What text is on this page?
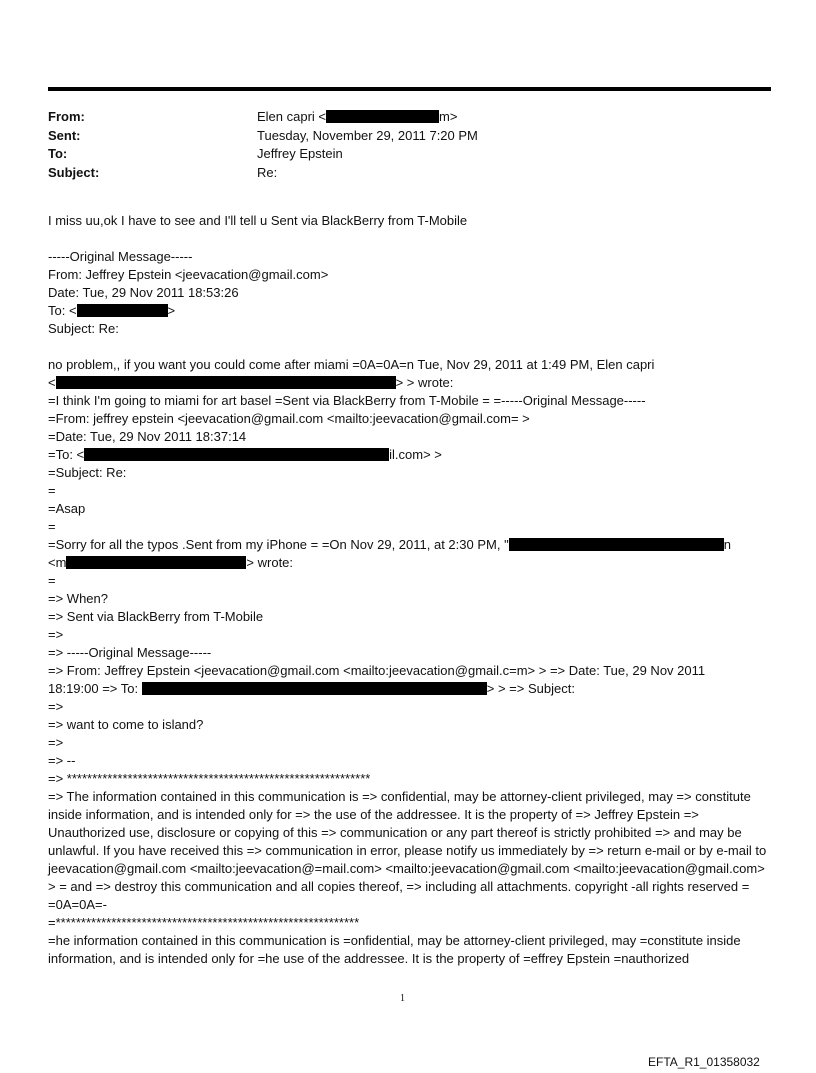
From:	Elen capri <	m>
Sent:	Tuesday, November 29, 2011 7:20 PM
To:	Jeffrey Epstein
Subject:	Re:
I miss uu,ok I have to see and I'll tell u Sent via BlackBerry from T-Mobile
-----Original Message-----
From: Jeffrey Epstein <jeevacation@gmail.com>
Date: Tue, 29 Nov 2011 18:53:26
To: <	>
Subject: Re:
no problem,, if you want you could come after miami =0A=0A=n Tue, Nov 29, 2011 at 1:49 PM, Elen capri
<	> > wrote:
=I think I'm going to miami for art basel =Sent via BlackBerry from T-Mobile = =-----Original Message-----
=From: jeffrey epstein <jeevacation@gmail.com <mailto:jeevacation@gmail.com= >
=Date: Tue, 29 Nov 2011 18:37:14
=To: <	il.com> >
=Subject: Re:
=
=Asap
=
=Sorry for all the typos .Sent from my iPhone = =On Nov 29, 2011, at 2:30 PM, "	n
<m	> wrote:
=
=> When?
=> Sent via BlackBerry from T-Mobile
=>
=> -----Original Message-----
=> From: Jeffrey Epstein <jeevacation@gmail.com <mailto:jeevacation@gmail.c=m> > => Date: Tue, 29 Nov 2011
18:19:00 => To:	> > => Subject:
=>
=> want to come to island?
=>
=> --
=> ************************************************************
=> The information contained in this communication is => confidential, may be attorney-client privileged, may => constitute inside information, and is intended only for => the use of the addressee. It is the property of => Jeffrey Epstein => Unauthorized use, disclosure or copying of this => communication or any part thereof is strictly prohibited => and may be unlawful. If you have received this => communication in error, please notify us immediately by => return e-mail or by e-mail to jeevacation@gmail.com <mailto:jeevacation@=mail.com> <mailto:jeevacation@gmail.com <mailto:jeevacation@gmail.com> > = and => destroy this communication and all copies thereof, => including all attachments. copyright -all rights reserved =
=0A=0A=-
=************************************************************
=he information contained in this communication is =onfidential, may be attorney-client privileged, may =constitute inside information, and is intended only for =he use of the addressee. It is the property of =effrey Epstein =nauthorized
1
EFTA_R1_01358032
